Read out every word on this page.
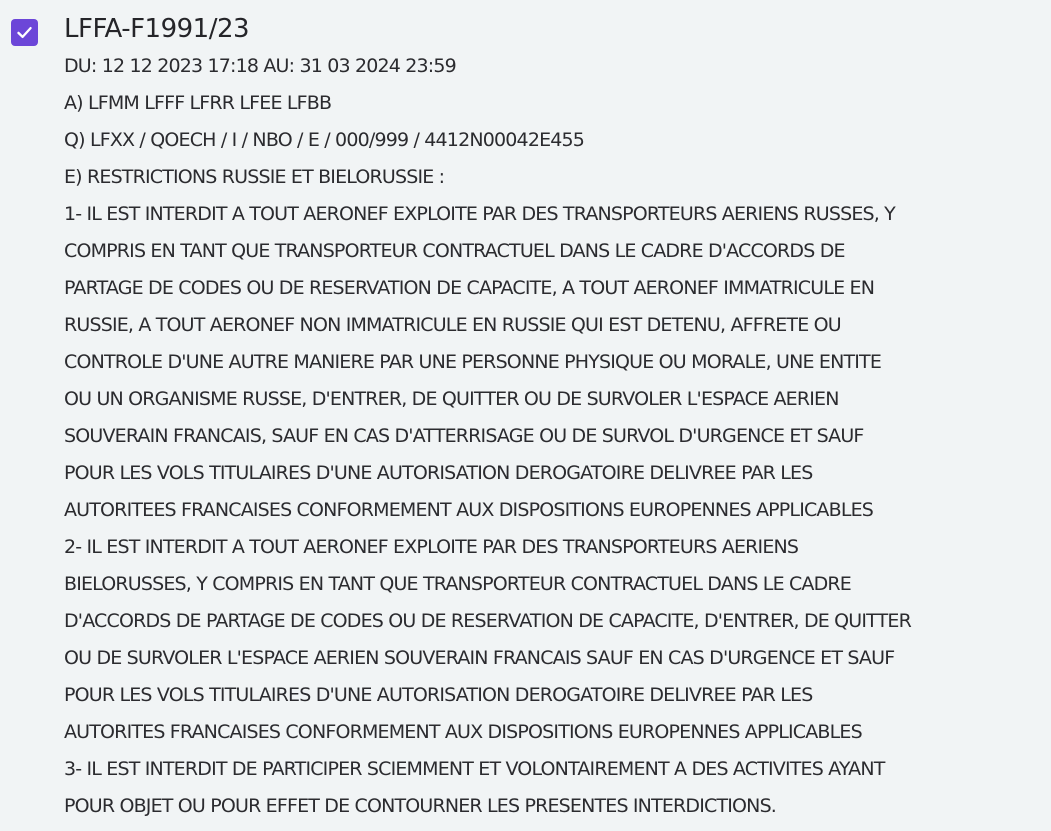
LFFA-F1991/23
DU: 12 12 2023 17:18 AU: 31 03 2024 23:59
A) LFMM LFFF LFRR LFEE LFBB
Q) LFXX / QOECH / I / NBO / E / 000/999 / 4412N00042E455
E) RESTRICTIONS RUSSIE ET BIELORUSSIE :
1- IL EST INTERDIT A TOUT AERONEF EXPLOITE PAR DES TRANSPORTEURS AERIENS RUSSES, Y
COMPRIS EN TANT QUE TRANSPORTEUR CONTRACTUEL DANS LE CADRE D'ACCORDS DE
PARTAGE DE CODES OU DE RESERVATION DE CAPACITE, A TOUT AERONEF IMMATRICULE EN
RUSSIE, A TOUT AERONEF NON IMMATRICULE EN RUSSIE QUI EST DETENU, AFFRETE OU
CONTROLE D'UNE AUTRE MANIERE PAR UNE PERSONNE PHYSIQUE OU MORALE, UNE ENTITE
OU UN ORGANISME RUSSE, D'ENTRER, DE QUITTER OU DE SURVOLER L'ESPACE AERIEN
SOUVERAIN FRANCAIS, SAUF EN CAS D'ATTERRISAGE OU DE SURVOL D'URGENCE ET SAUF
POUR LES VOLS TITULAIRES D'UNE AUTORISATION DEROGATOIRE DELIVREE PAR LES
AUTORITEES FRANCAISES CONFORMEMENT AUX DISPOSITIONS EUROPENNES APPLICABLES
2- IL EST INTERDIT A TOUT AERONEF EXPLOITE PAR DES TRANSPORTEURS AERIENS
BIELORUSSES, Y COMPRIS EN TANT QUE TRANSPORTEUR CONTRACTUEL DANS LE CADRE
D'ACCORDS DE PARTAGE DE CODES OU DE RESERVATION DE CAPACITE, D'ENTRER, DE QUITTER
OU DE SURVOLER L'ESPACE AERIEN SOUVERAIN FRANCAIS SAUF EN CAS D'URGENCE ET SAUF
POUR LES VOLS TITULAIRES D'UNE AUTORISATION DEROGATOIRE DELIVREE PAR LES
AUTORITES FRANCAISES CONFORMEMENT AUX DISPOSITIONS EUROPENNES APPLICABLES
3- IL EST INTERDIT DE PARTICIPER SCIEMMENT ET VOLONTAIREMENT A DES ACTIVITES AYANT
POUR OBJET OU POUR EFFET DE CONTOURNER LES PRESENTES INTERDICTIONS.
